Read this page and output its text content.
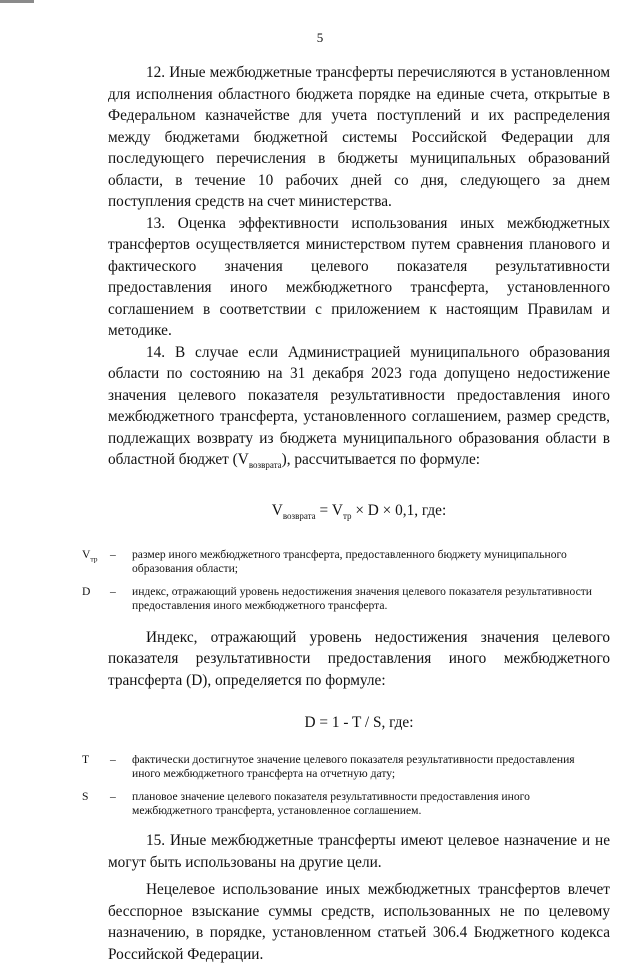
5

12. Иные межбюджетные трансферты перечисляются в установленном для исполнения областного бюджета порядке на единые счета, открытые в Федеральном казначействе для учета поступлений и их распределения между бюджетами бюджетной системы Российской Федерации для последующего перечисления в бюджеты муниципальных образований области, в течение 10 рабочих дней со дня, следующего за днем поступления средств на счет министерства.

13. Оценка эффективности использования иных межбюджетных трансфертов осуществляется министерством путем сравнения планового и фактического значения целевого показателя результативности предоставления иного межбюджетного трансферта, установленного соглашением в соответствии с приложением к настоящим Правилам и методике.

14. В случае если Администрацией муниципального образования области по состоянию на 31 декабря 2023 года допущено недостижение значения целевого показателя результативности предоставления иного межбюджетного трансферта, установленного соглашением, размер средств, подлежащих возврату из бюджета муниципального образования области в областной бюджет $(V_{возврата})$, рассчитывается по формуле:

$V_{возврата} = V_{тр} \times D \times 0,1$, где:
$V_{тр}$	–	размер иного межбюджетного трансферта, предоставленного бюджету муниципального образования области;
D	–	индекс, отражающий уровень недостижения значения целевого показателя результативности предоставления иного межбюджетного трансферта.

Индекс, отражающий уровень недостижения значения целевого показателя результативности предоставления иного межбюджетного трансферта (D), определяется по формуле:

D = 1 - T / S, где:
T	–	фактически достигнутое значение целевого показателя результативности предоставления иного межбюджетного трансферта на отчетную дату;
S	–	плановое значение целевого показателя результативности предоставления иного межбюджетного трансферта, установленное соглашением.

15. Иные межбюджетные трансферты имеют целевое назначение и не могут быть использованы на другие цели.

Нецелевое использование иных межбюджетных трансфертов влечет бесспорное взыскание суммы средств, использованных не по целевому назначению, в порядке, установленном статьей 306.4 Бюджетного кодекса Российской Федерации.
